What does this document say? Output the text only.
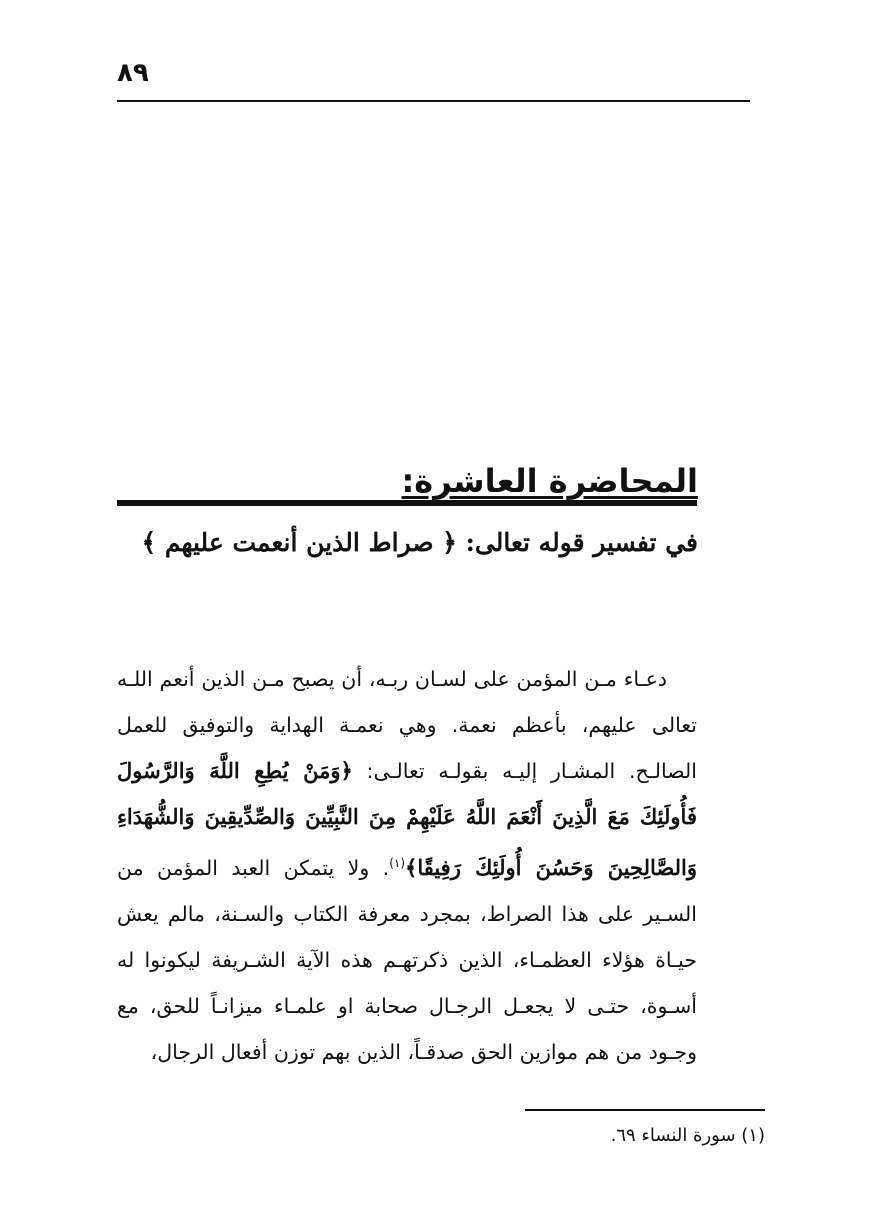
٨٩
المحاضرة العاشرة:
في تفسير قوله تعالى: ﴿ صراط الذين أنعمت عليهم ﴾
دعـاء مـن المؤمن على لسـان ربـه، أن يصبح مـن الذين أنعم اللـه تعالى عليهم، بأعظم نعمة. وهي نعمـة الهداية والتوفيق للعمل الصالـح. المشـار إليـه بقولـه تعالـى: ﴿وَمَنْ يُطِعِ اللَّهَ وَالرَّسُولَ فَأُولَئِكَ مَعَ الَّذِينَ أَنْعَمَ اللَّهُ عَلَيْهِمْ مِنَ النَّبِيِّينَ وَالصِّدِّيقِينَ وَالشُّهَدَاءِ وَالصَّالِحِينَ وَحَسُنَ أُولَئِكَ رَفِيقًا﴾$^{(١)}$. ولا يتمكن العبد المؤمن من السـير على هذا الصراط، بمجرد معرفة الكتاب والسـنة، مالم يعش حيـاة هؤلاء العظمـاء، الذين ذكرتهـم هذه الآية الشـريفة ليكونوا له أسـوة، حتـى لا يجعـل الرجـال صحابة او علمـاء ميزانـاً للحق، مع وجـود من هم موازين الحق صدقـاً، الذين بهم توزن أفعال الرجال،
(١) سورة النساء ٦٩.
